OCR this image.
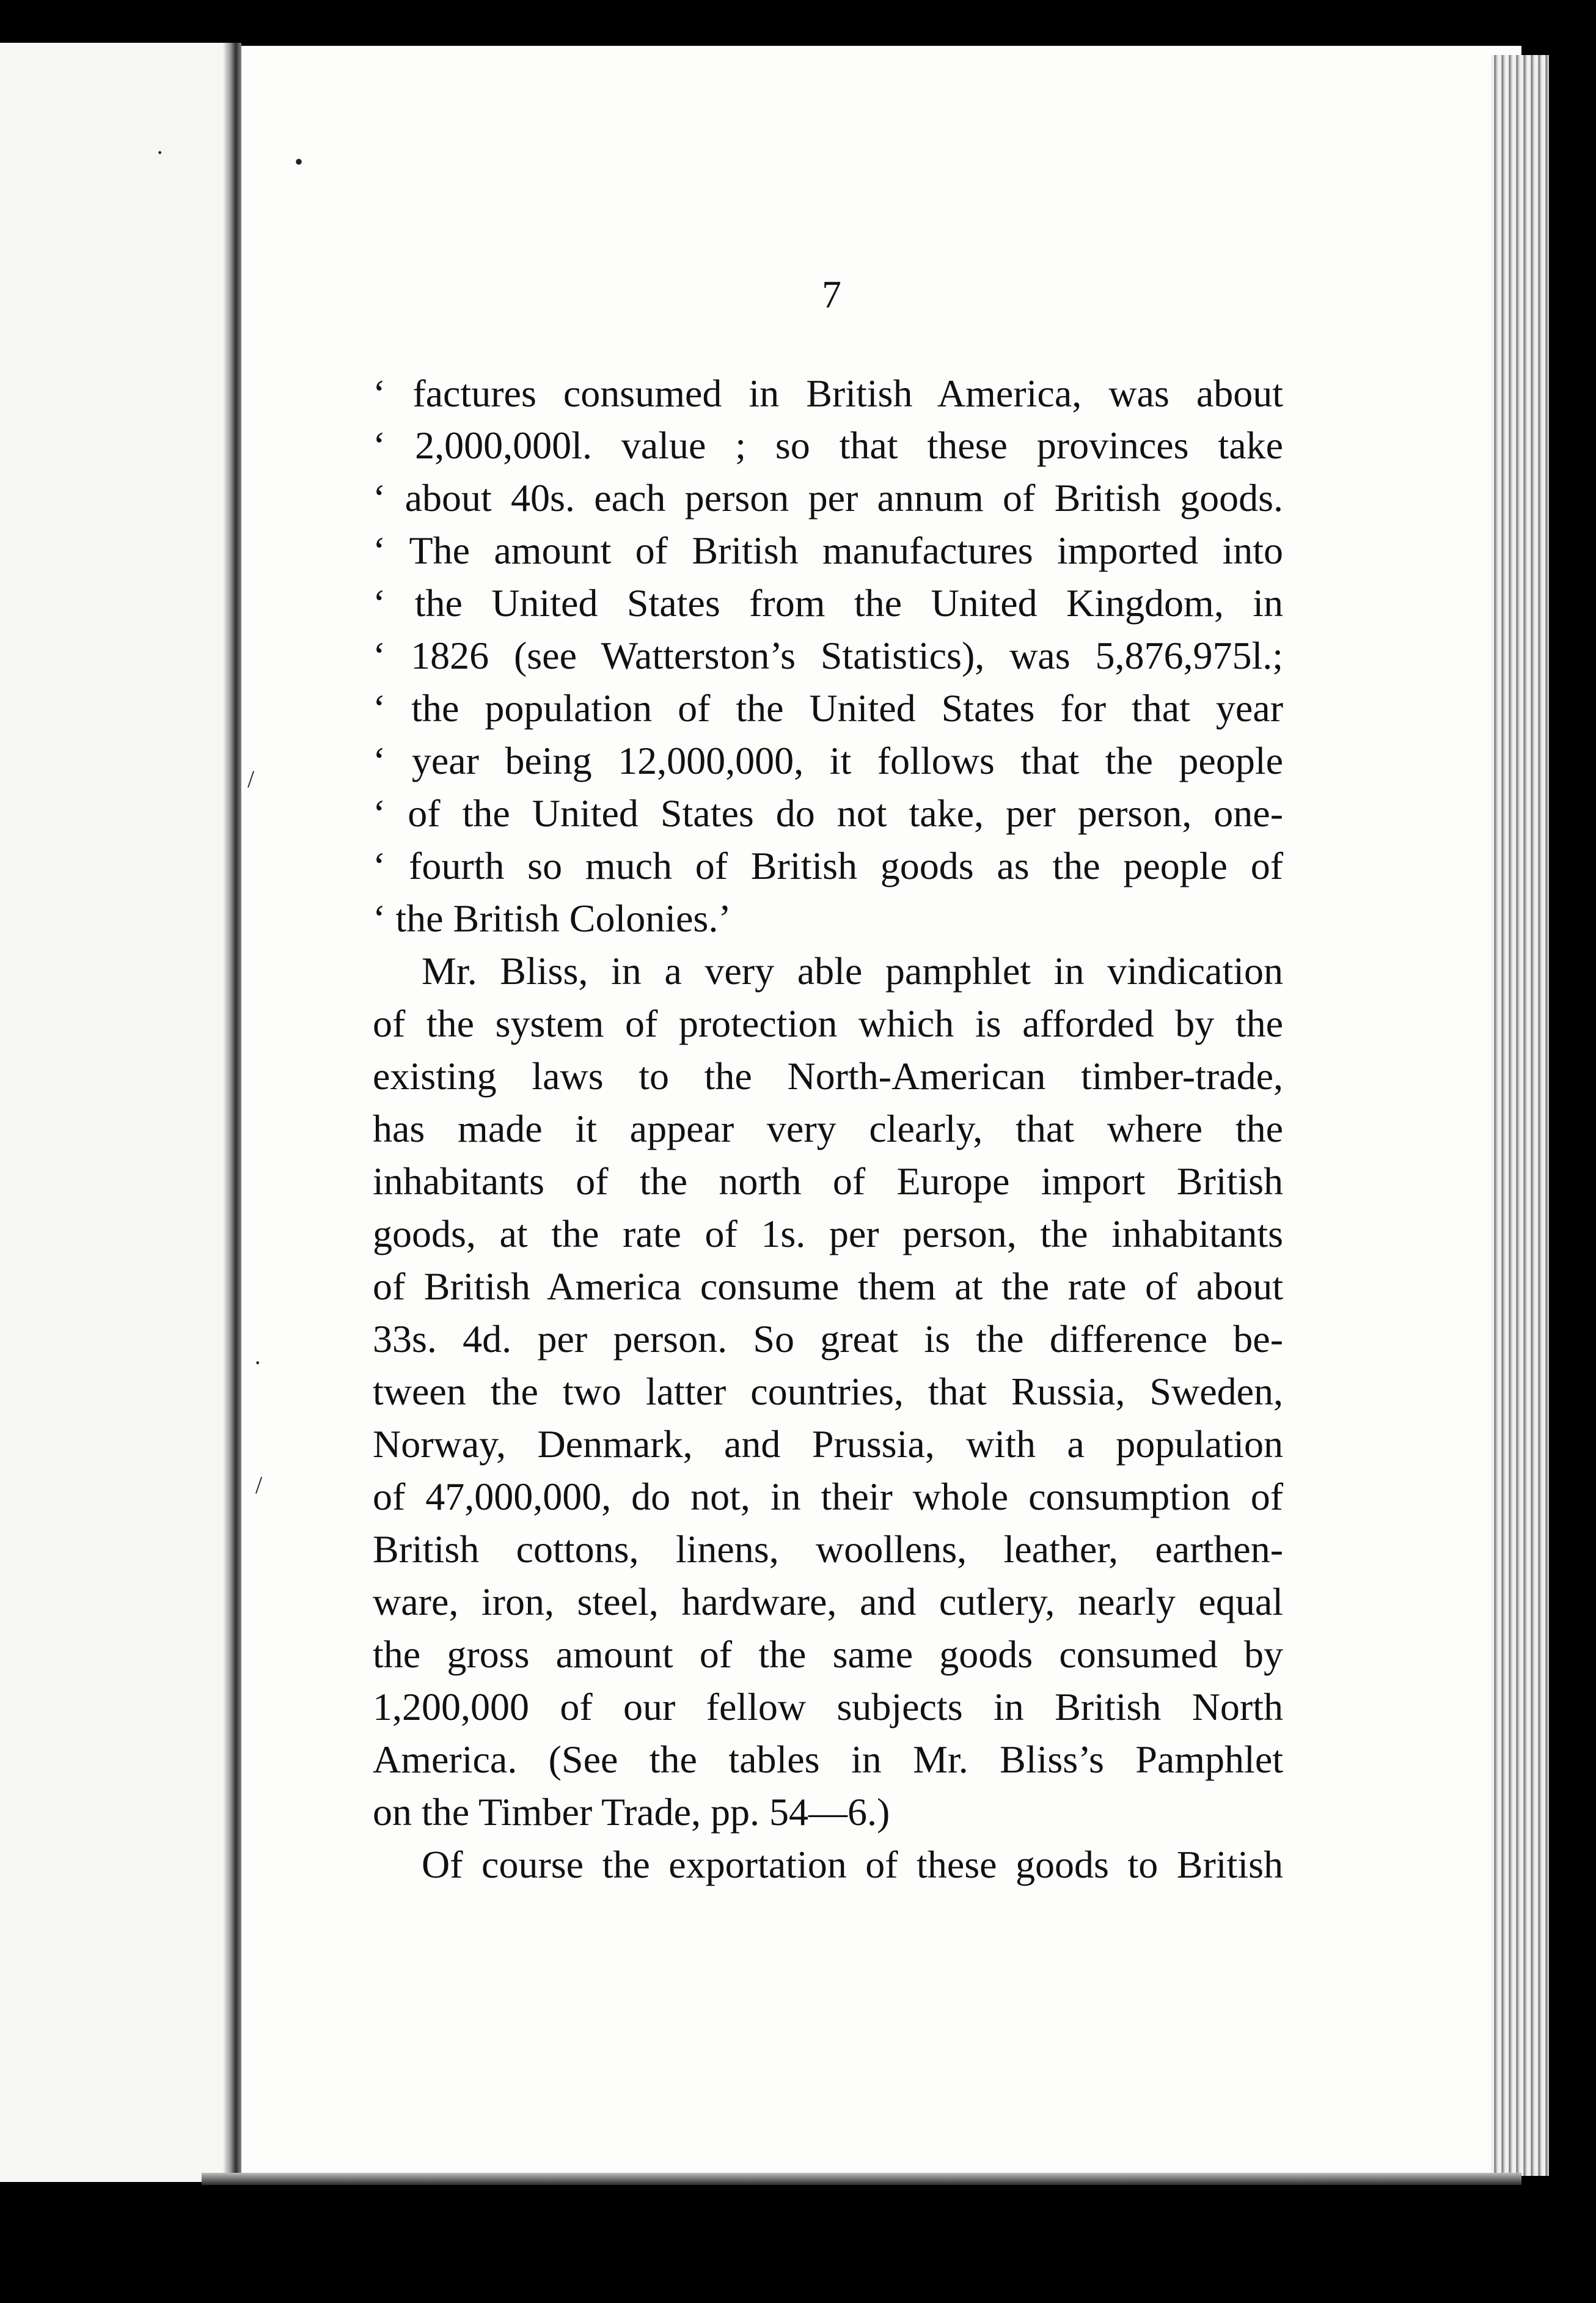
·	•
/
·
/
7
‘ factures consumed in British America, was about
‘ 2,000,000l. value ; so that these provinces take
‘ about 40s. each person per annum of British goods.
‘ The amount of British manufactures imported into
‘ the United States from the United Kingdom, in
‘ 1826 (see Watterston’s Statistics), was 5,876,975l.;
‘ the population of the United States for that year
‘ year being 12,000,000, it follows that the people
‘ of the United States do not take, per person, one-
‘ fourth so much of British goods as the people of
‘ the British Colonies.’
Mr. Bliss, in a very able pamphlet in vindication
of the system of protection which is afforded by the
existing laws to the North-American timber-trade,
has made it appear very clearly, that where the
inhabitants of the north of Europe import British
goods, at the rate of 1s. per person, the inhabitants
of British America consume them at the rate of about
33s. 4d. per person. So great is the difference be-
tween the two latter countries, that Russia, Sweden,
Norway, Denmark, and Prussia, with a population
of 47,000,000, do not, in their whole consumption of
British cottons, linens, woollens, leather, earthen-
ware, iron, steel, hardware, and cutlery, nearly equal
the gross amount of the same goods consumed by
1,200,000 of our fellow subjects in British North
America. (See the tables in Mr. Bliss’s Pamphlet
on the Timber Trade, pp. 54—6.)
Of course the exportation of these goods to British
